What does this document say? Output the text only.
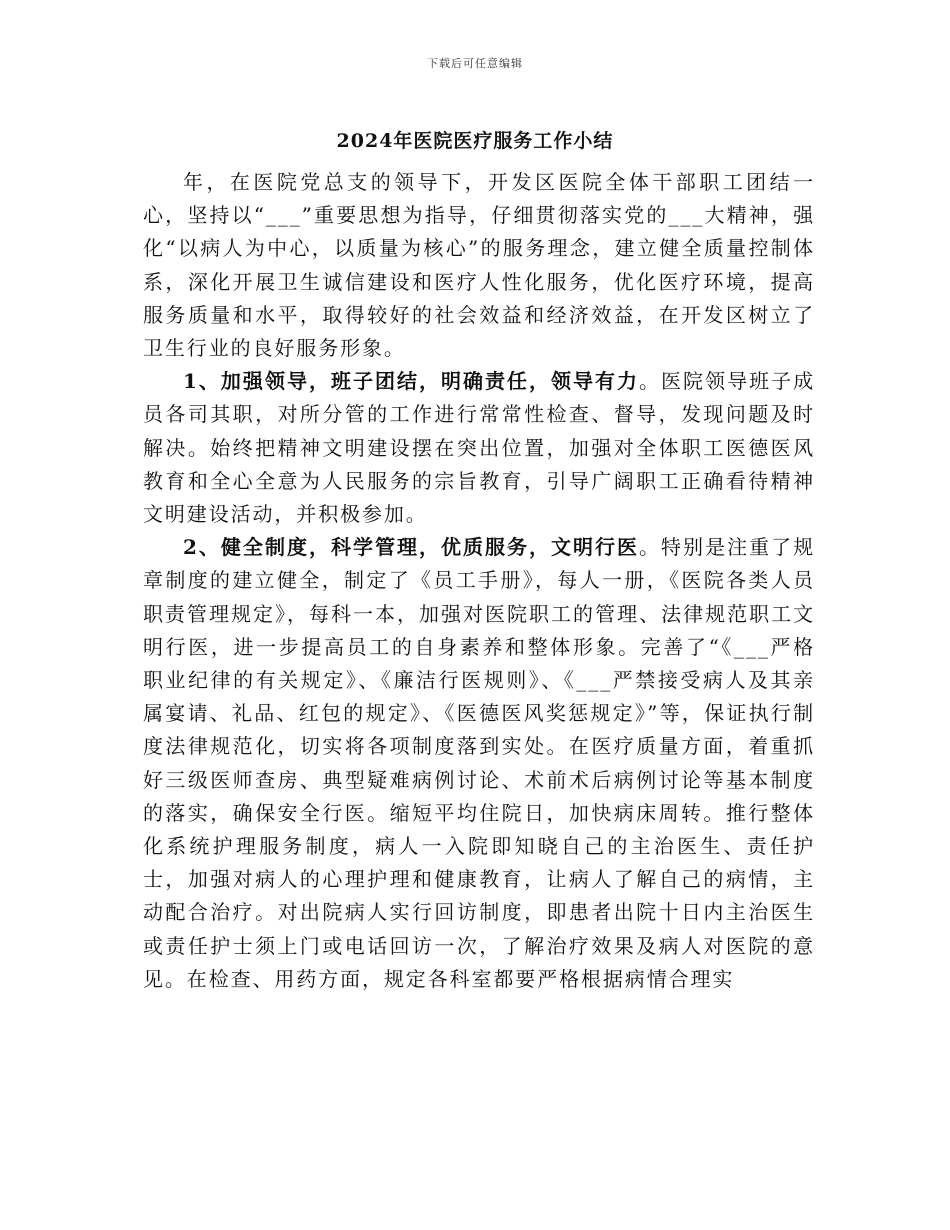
下载后可任意编辑
2024年医院医疗服务工作小结

年，在医院党总支的领导下，开发区医院全体干部职工团结一心，坚持以“___”重要思想为指导，仔细贯彻落实党的___大精神，强化“以病人为中心，以质量为核心”的服务理念，建立健全质量控制体系，深化开展卫生诚信建设和医疗人性化服务，优化医疗环境，提高服务质量和水平，取得较好的社会效益和经济效益，在开发区树立了卫生行业的良好服务形象。

1、加强领导，班子团结，明确责任，领导有力。医院领导班子成员各司其职，对所分管的工作进行常常性检查、督导，发现问题及时解决。始终把精神文明建设摆在突出位置，加强对全体职工医德医风教育和全心全意为人民服务的宗旨教育，引导广阔职工正确看待精神文明建设活动，并积极参加。

2、健全制度，科学管理，优质服务，文明行医。特别是注重了规章制度的建立健全，制定了《员工手册》，每人一册，《医院各类人员职责管理规定》，每科一本，加强对医院职工的管理、法律规范职工文明行医，进一步提高员工的自身素养和整体形象。完善了“《___严格职业纪律的有关规定》、《廉洁行医规则》、《___严禁接受病人及其亲属宴请、礼品、红包的规定》、《医德医风奖惩规定》”等，保证执行制度法律规范化，切实将各项制度落到实处。在医疗质量方面，着重抓好三级医师查房、典型疑难病例讨论、术前术后病例讨论等基本制度的落实，确保安全行医。缩短平均住院日，加快病床周转。推行整体化系统护理服务制度，病人一入院即知晓自己的主治医生、责任护士，加强对病人的心理护理和健康教育，让病人了解自己的病情，主动配合治疗。对出院病人实行回访制度，即患者出院十日内主治医生或责任护士须上门或电话回访一次，了解治疗效果及病人对医院的意见。在检查、用药方面，规定各科室都要严格根据病情合理实
